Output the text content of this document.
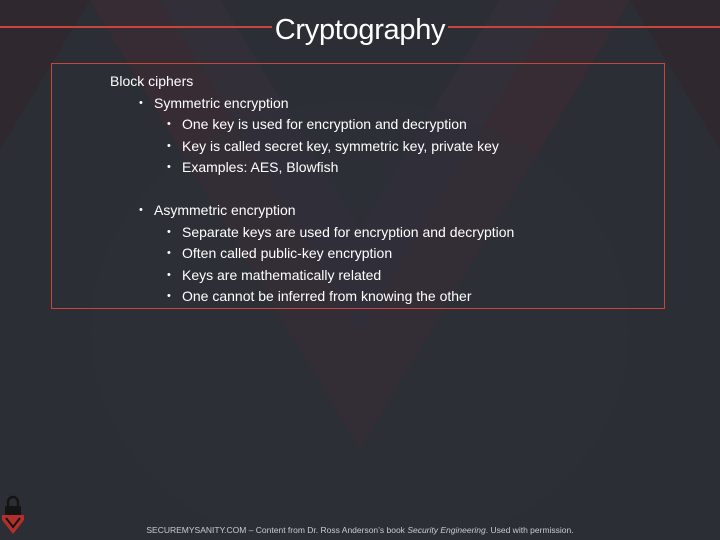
Cryptography
Block ciphers
• Symmetric encryption
• One key is used for encryption and decryption
• Key is called secret key, symmetric key, private key
• Examples: AES, Blowfish
• Asymmetric encryption
• Separate keys are used for encryption and decryption
• Often called public-key encryption
• Keys are mathematically related
• One cannot be inferred from knowing the other
SECUREMYSANITY.COM – Content from Dr. Ross Anderson’s book Security Engineering. Used with permission.
